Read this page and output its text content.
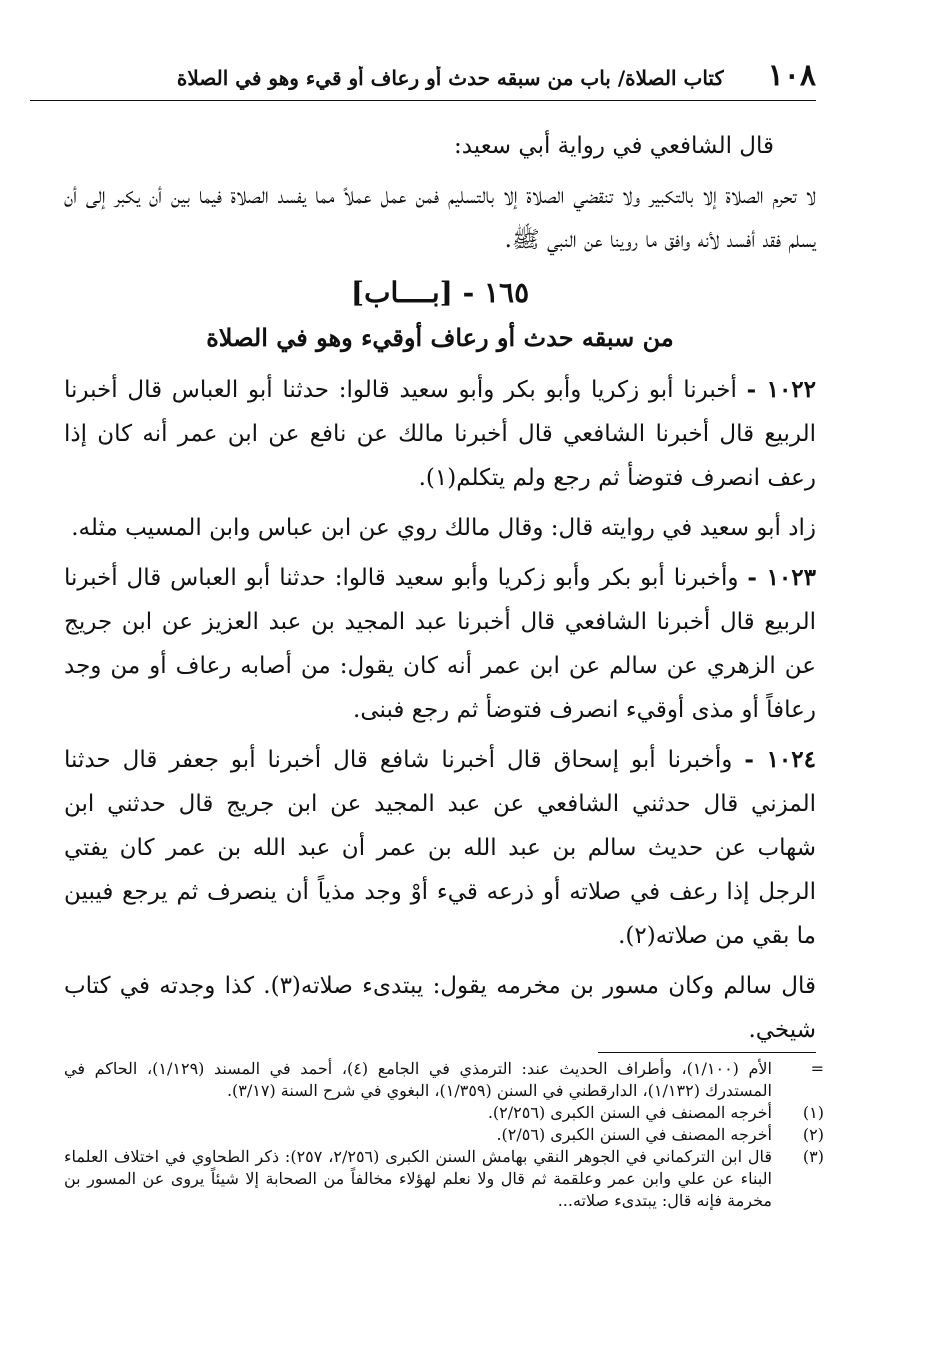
١٠٨
كتاب الصلاة/ باب من سبقه حدث أو رعاف أو قيء وهو في الصلاة

قال الشافعي في رواية أبي سعيد:

لا تحرم الصلاة إلا بالتكبير ولا تنقضي الصلاة إلا بالتسليم فمن عمل عملاً مما يفسد الصلاة فيما بين أن يكبر إلى أن يسلم فقد أفسد لأنه وافق ما روينا عن النبي ﷺ.

١٦٥ - [بــــاب]
من سبقه حدث أو رعاف أوقيء وهو في الصلاة

١٠٢٢ - أخبرنا أبو زكريا وأبو بكر وأبو سعيد قالوا: حدثنا أبو العباس قال أخبرنا الربيع قال أخبرنا الشافعي قال أخبرنا مالك عن نافع عن ابن عمر أنه كان إذا رعف انصرف فتوضأ ثم رجع ولم يتكلم(١).

زاد أبو سعيد في روايته قال: وقال مالك روي عن ابن عباس وابن المسيب مثله.

١٠٢٣ - وأخبرنا أبو بكر وأبو زكريا وأبو سعيد قالوا: حدثنا أبو العباس قال أخبرنا الربيع قال أخبرنا الشافعي قال أخبرنا عبد المجيد بن عبد العزيز عن ابن جريج عن الزهري عن سالم عن ابن عمر أنه كان يقول: من أصابه رعاف أو من وجد رعافاً أو مذى أوقيء انصرف فتوضأ ثم رجع فبنى.

١٠٢٤ - وأخبرنا أبو إسحاق قال أخبرنا شافع قال أخبرنا أبو جعفر قال حدثنا المزني قال حدثني الشافعي عن عبد المجيد عن ابن جريج قال حدثني ابن شهاب عن حديث سالم بن عبد الله بن عمر أن عبد الله بن عمر كان يفتي الرجل إذا رعف في صلاته أو ذرعه قيء أوْ وجد مذياً أن ينصرف ثم يرجع فيبين ما بقي من صلاته(٢).

قال سالم وكان مسور بن مخرمه يقول: يبتدىء صلاته(٣). كذا وجدته في كتاب شيخي.

=
الأم (١/١٠٠)، وأطراف الحديث عند: الترمذي في الجامع (٤)، أحمد في المسند (١/١٢٩)، الحاكم في المستدرك (١/١٣٢)، الدارقطني في السنن (١/٣٥٩)، البغوي في شرح السنة (٣/١٧).
(١)
أخرجه المصنف في السنن الكبرى (٢/٢٥٦).
(٢)
أخرجه المصنف في السنن الكبرى (٢/٥٦).
(٣)
قال ابن التركماني في الجوهر النقي بهامش السنن الكبرى (٢/٢٥٦، ٢٥٧): ذكر الطحاوي في اختلاف العلماء البناء عن علي وابن عمر وعلقمة ثم قال ولا نعلم لهؤلاء مخالفاً من الصحابة إلا شيئاً يروى عن المسور بن مخرمة فإنه قال: يبتدىء صلاته...
